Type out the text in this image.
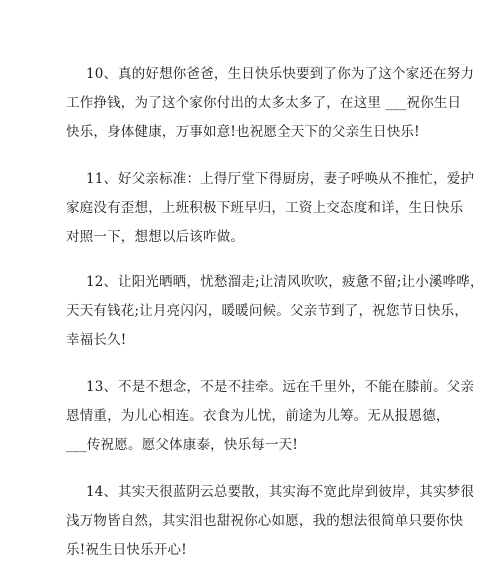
10、真的好想你爸爸，生日快乐快要到了你为了这个家还在努力
工作挣钱，为了这个家你付出的太多太多了，在这里 ___祝你生日
快乐，身体健康，万事如意!也祝愿全天下的父亲生日快乐!
11、好父亲标准：上得厅堂下得厨房，妻子呼唤从不推忙，爱护
家庭没有歪想，上班积极下班早归，工资上交态度和详，生日快乐
对照一下，想想以后该咋做。
12、让阳光晒晒，忧愁溜走;让清风吹吹，疲惫不留;让小溪哗哗，
天天有钱花;让月亮闪闪，暖暖问候。父亲节到了，祝您节日快乐，
幸福长久!
13、不是不想念，不是不挂牵。远在千里外，不能在膝前。父亲
恩情重，为儿心相连。衣食为儿忧，前途为儿筹。无从报恩德，
___传祝愿。愿父体康泰，快乐每一天!
14、其实天很蓝阴云总要散，其实海不宽此岸到彼岸，其实梦很
浅万物皆自然，其实泪也甜祝你心如愿，我的想法很简单只要你快
乐!祝生日快乐开心!
